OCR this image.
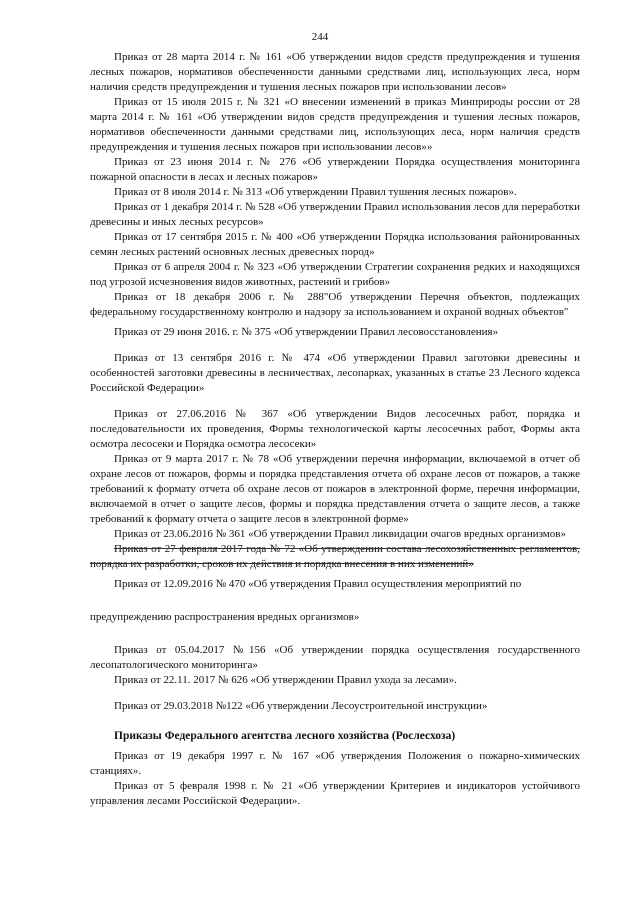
244

Приказ от 28 марта 2014 г. № 161 «Об утверждении видов средств предупреждения и тушения лесных пожаров, нормативов обеспеченности данными средствами лиц, использующих леса, норм наличия средств предупреждения и тушения лесных пожаров при использовании лесов»

Приказ от 15 июля 2015 г. № 321 «О внесении изменений в приказ Минприроды россии от 28 марта 2014 г. № 161 «Об утверждении видов средств предупреждения и тушения лесных пожаров, нормативов обеспеченности данными средствами лиц, использующих леса, норм наличия средств предупреждения и тушения лесных пожаров при использовании лесов»»

Приказ от 23 июня 2014 г. № 276 «Об утверждении Порядка осуществления мониторинга пожарной опасности в лесах и лесных пожаров»

Приказ от 8 июля 2014 г. № 313 «Об утверждении Правил тушения лесных пожаров».

Приказ от 1 декабря 2014 г. № 528 «Об утверждении Правил использования лесов для переработки древесины и иных лесных ресурсов»

Приказ от 17 сентября 2015 г. № 400 «Об утверждении Порядка использования районированных семян лесных растений основных лесных древесных пород»

Приказ от 6 апреля 2004 г. № 323 «Об утверждении Стратегии сохранения редких и находящихся под угрозой исчезновения видов животных, растений и грибов»

Приказ от 18 декабря 2006 г. № 288"Об утверждении Перечня объектов, подлежащих федеральному государственному контролю и надзору за использованием и охраной водных объектов"

Приказ от 29 июня 2016. г. № 375 «Об утверждении Правил лесовосстановления»

Приказ от 13 сентября 2016 г. № 474 «Об утверждении Правил заготовки древесины и особенностей заготовки древесины в лесничествах, лесопарках, указанных в статье 23 Лесного кодекса Российской Федерации»

Приказ от 27.06.2016 № 367 «Об утверждении Видов лесосечных работ, порядка и последовательности их проведения, Формы технологической карты лесосечных работ, Формы акта осмотра лесосеки и Порядка осмотра лесосеки»

Приказ от 9 марта 2017 г. № 78 «Об утверждении перечня информации, включаемой в отчет об охране лесов от пожаров, формы и порядка представления отчета об охране лесов от пожаров, а также требований к формату отчета об охране лесов от пожаров в электронной форме, перечня информации, включаемой в отчет о защите лесов, формы и порядка представления отчета о защите лесов, а также требований к формату отчета о защите лесов в электронной форме»

Приказ от 23.06.2016 № 361 «Об утверждении Правил ликвидации очагов вредных организмов»

Приказ от 27 февраля 2017 года № 72 «Об утверждении состава лесохозяйственных регламентов, порядка их разработки, сроков их действия и порядка внесения в них изменений»

Приказ от 12.09.2016 № 470 «Об утверждения Правил осуществления мероприятий по

предупреждению распространения вредных организмов»

Приказ от 05.04.2017 №156 «Об утверждении порядка осуществления государственного лесопатологического мониторинга»

Приказ от 22.11. 2017 № 626 «Об утверждении Правил ухода за лесами».

Приказ от 29.03.2018 №122 «Об утверждении Лесоустроительной инструкции»

Приказы Федерального агентства лесного хозяйства (Рослесхоза)

Приказ от 19 декабря 1997 г. № 167 «Об утверждения Положения о пожарно-химических станциях».

Приказ от 5 февраля 1998 г. № 21 «Об утверждении Критериев и индикаторов устойчивого управления лесами Российской Федерации».
